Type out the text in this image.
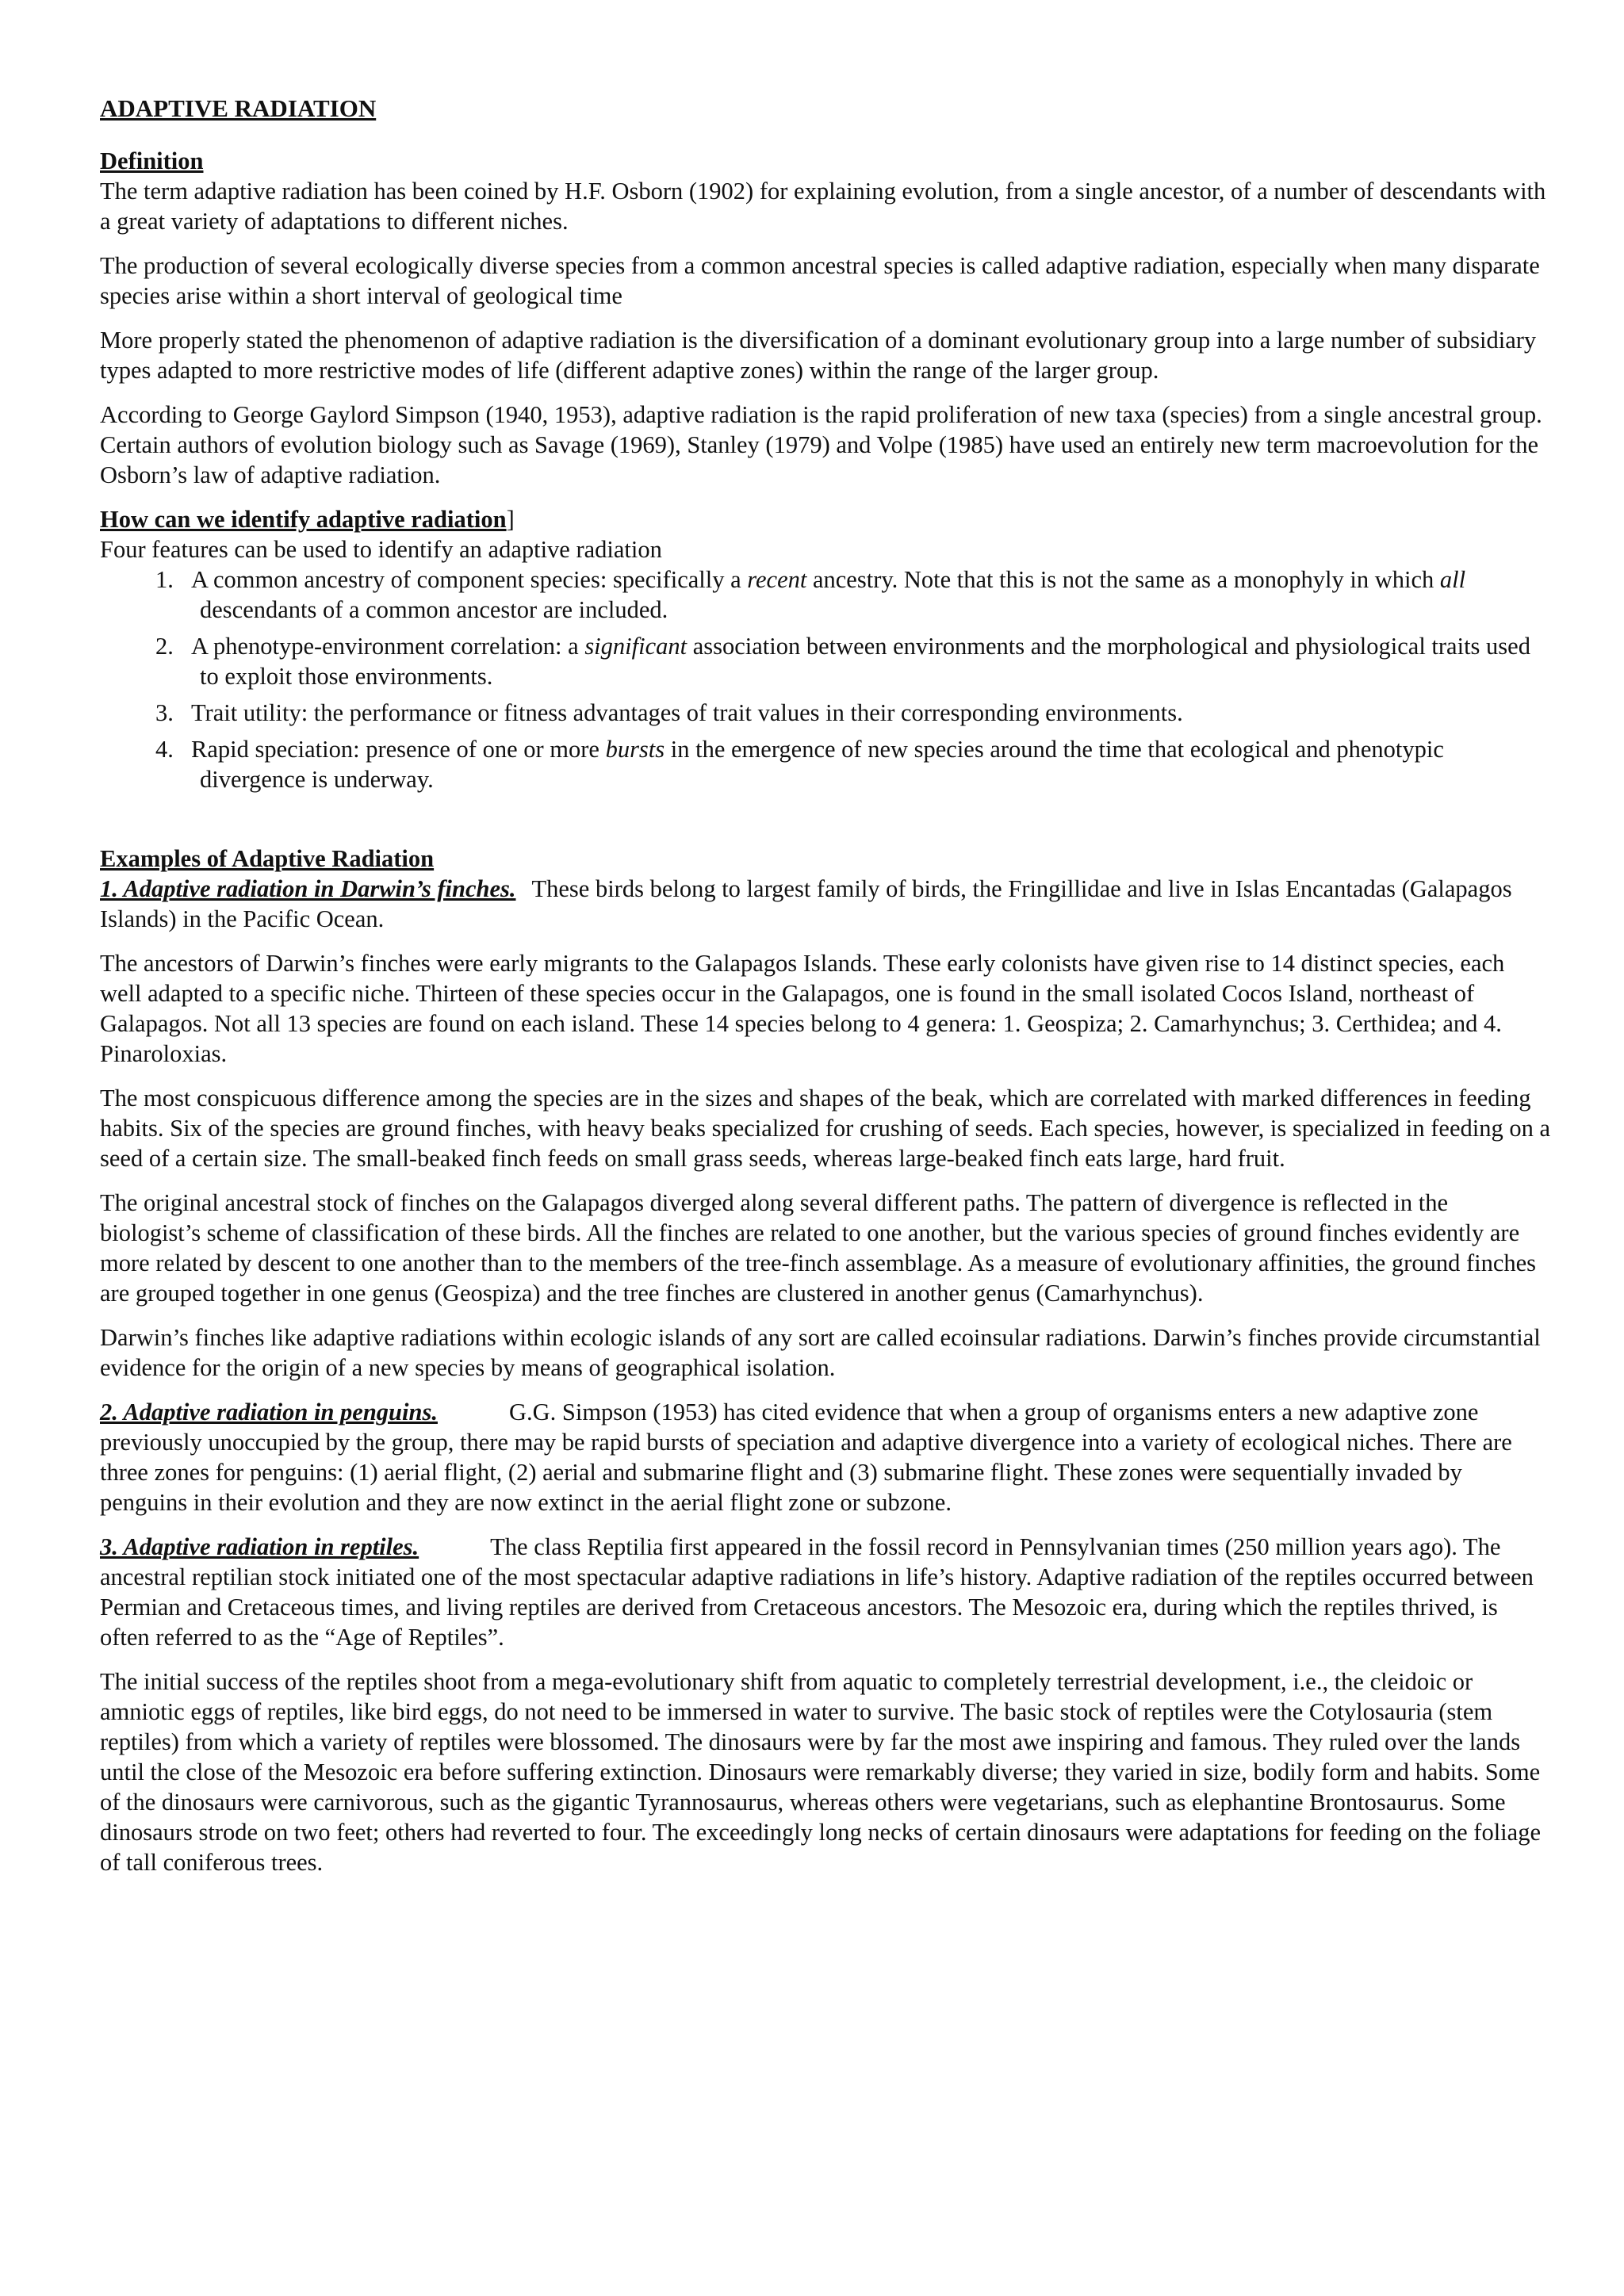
ADAPTIVE RADIATION
Definition

The term adaptive radiation has been coined by H.F. Osborn (1902) for explaining evolution, from a single ancestor, of a number of descendants with a great variety of adaptations to different niches.

The production of several ecologically diverse species from a common ancestral species is called adaptive radiation, especially when many disparate species arise within a short interval of geological time

More properly stated the phenomenon of adaptive radiation is the diversification of a dominant evolutionary group into a large number of subsidiary types adapted to more restrictive modes of life (different adaptive zones) within the range of the larger group.

According to George Gaylord Simpson (1940, 1953), adaptive radiation is the rapid proliferation of new taxa (species) from a single ancestral group. Certain authors of evolution biology such as Savage (1969), Stanley (1979) and Volpe (1985) have used an entirely new term macroevolution for the Osborn’s law of adaptive radiation.

How can we identify adaptive radiation]
Four features can be used to identify an adaptive radiation
1. A common ancestry of component species: specifically a recent ancestry. Note that this is not the same as a monophyly in which all descendants of a common ancestor are included.
2. A phenotype-environment correlation: a significant association between environments and the morphological and physiological traits used to exploit those environments.
3. Trait utility: the performance or fitness advantages of trait values in their corresponding environments.
4. Rapid speciation: presence of one or more bursts in the emergence of new species around the time that ecological and phenotypic divergence is underway.
Examples of Adaptive Radiation

1. Adaptive radiation in Darwin’s finches. These birds belong to largest family of birds, the Fringillidae and live in Islas Encantadas (Galapagos Islands) in the Pacific Ocean.

The ancestors of Darwin’s finches were early migrants to the Galapagos Islands. These early colonists have given rise to 14 distinct species, each well adapted to a specific niche. Thirteen of these species occur in the Galapagos, one is found in the small isolated Cocos Island, northeast of Galapagos. Not all 13 species are found on each island. These 14 species belong to 4 genera: 1. Geospiza; 2. Camarhynchus; 3. Certhidea; and 4. Pinaroloxias.

The most conspicuous difference among the species are in the sizes and shapes of the beak, which are correlated with marked differences in feeding habits. Six of the species are ground finches, with heavy beaks specialized for crushing of seeds. Each species, however, is specialized in feeding on a seed of a certain size. The small-beaked finch feeds on small grass seeds, whereas large-beaked finch eats large, hard fruit.

The original ancestral stock of finches on the Galapagos diverged along several different paths. The pattern of divergence is reflected in the biologist’s scheme of classification of these birds. All the finches are related to one another, but the various species of ground finches evidently are more related by descent to one another than to the members of the tree-finch assemblage. As a measure of evolutionary affinities, the ground finches are grouped together in one genus (Geospiza) and the tree finches are clustered in another genus (Camarhynchus).

Darwin’s finches like adaptive radiations within ecologic islands of any sort are called ecoinsular radiations. Darwin’s finches provide circumstantial evidence for the origin of a new species by means of geographical isolation.

2. Adaptive radiation in penguins.	G.G. Simpson (1953) has cited evidence that when a group of organisms enters a new adaptive zone previously unoccupied by the group, there may be rapid bursts of speciation and adaptive divergence into a variety of ecological niches. There are three zones for penguins: (1) aerial flight, (2) aerial and submarine flight and (3) submarine flight. These zones were sequentially invaded by penguins in their evolution and they are now extinct in the aerial flight zone or subzone.

3. Adaptive radiation in reptiles.	The class Reptilia first appeared in the fossil record in Pennsylvanian times (250 million years ago). The ancestral reptilian stock initiated one of the most spectacular adaptive radiations in life’s history. Adaptive radiation of the reptiles occurred between Permian and Cretaceous times, and living reptiles are derived from Cretaceous ancestors. The Mesozoic era, during which the reptiles thrived, is often referred to as the “Age of Reptiles”.

The initial success of the reptiles shoot from a mega-evolutionary shift from aquatic to completely terrestrial development, i.e., the cleidoic or amniotic eggs of reptiles, like bird eggs, do not need to be immersed in water to survive. The basic stock of reptiles were the Cotylosauria (stem reptiles) from which a variety of reptiles were blossomed. The dinosaurs were by far the most awe inspiring and famous. They ruled over the lands until the close of the Mesozoic era before suffering extinction. Dinosaurs were remarkably diverse; they varied in size, bodily form and habits. Some of the dinosaurs were carnivorous, such as the gigantic Tyrannosaurus, whereas others were vegetarians, such as elephantine Brontosaurus. Some dinosaurs strode on two feet; others had reverted to four. The exceedingly long necks of certain dinosaurs were adaptations for feeding on the foliage of tall coniferous trees.
